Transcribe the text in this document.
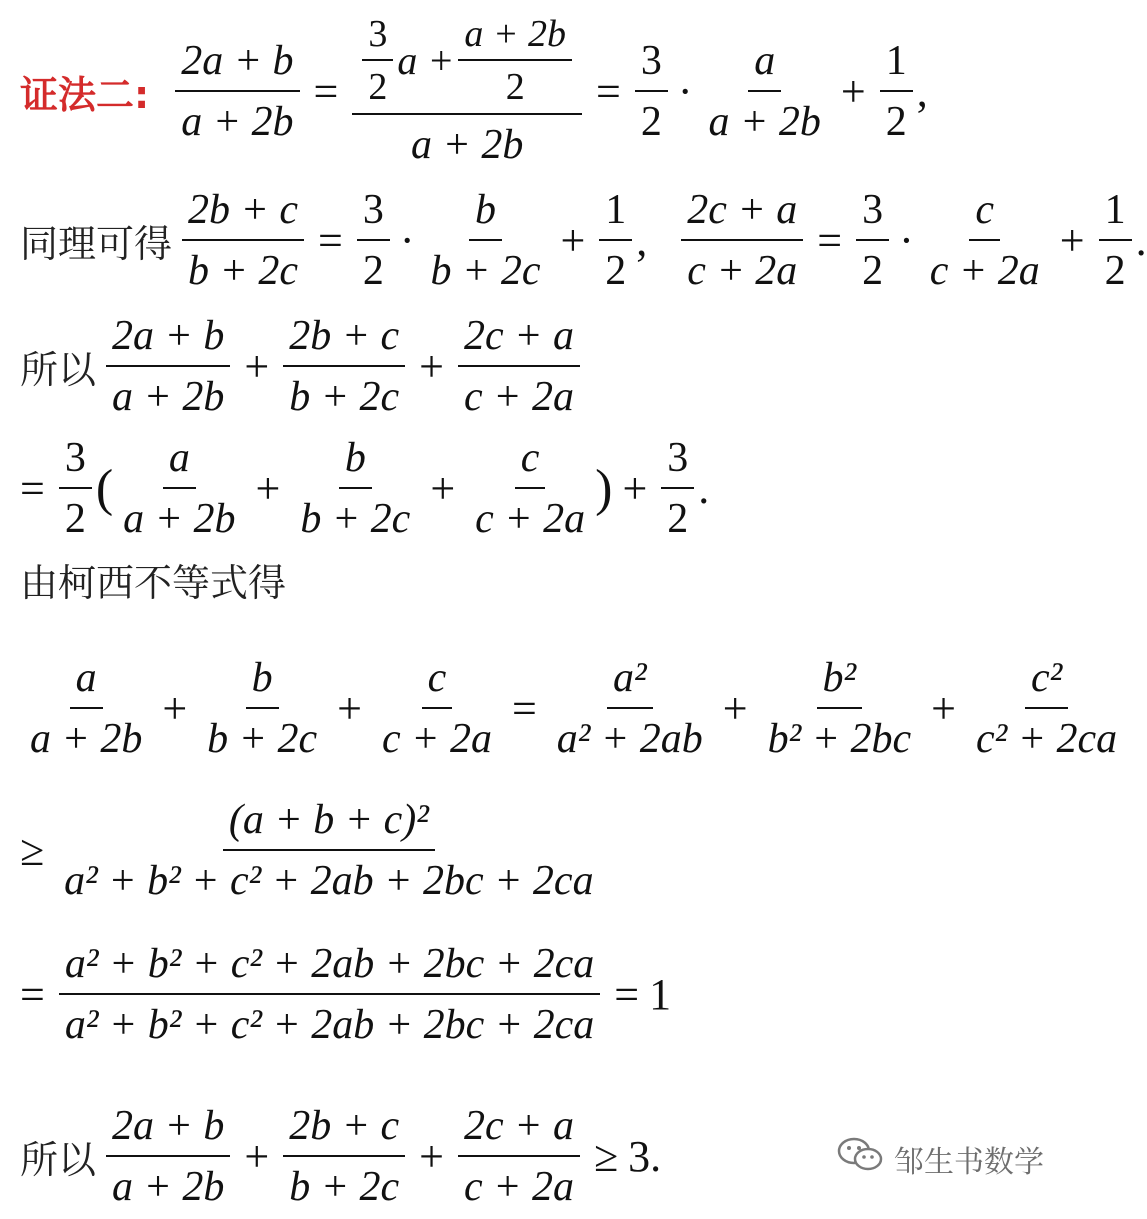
证法二: $\frac{2a + b}{a + 2b} = \frac{\frac{3}{2} a + \frac{a + 2b}{2}}{a + 2b} = \frac{3}{2} \cdot \frac{a}{a + 2b} + \frac{1}{2}$ ,
同理可得 $\frac{2b + c}{b + 2c} = \frac{3}{2} \cdot \frac{b}{b + 2c} + \frac{1}{2}$ , $\frac{2c + a}{c + 2a} = \frac{3}{2} \cdot \frac{c}{c + 2a} + \frac{1}{2}$ .
所以 $\frac{2a + b}{a + 2b} + \frac{2b + c}{b + 2c} + \frac{2c + a}{c + 2a}$
= $\frac{3}{2}$ ( $\frac{a}{a + 2b} + \frac{b}{b + 2c} + \frac{c}{c + 2a}$ ) + $\frac{3}{2}$ .
由柯西不等式得
$\frac{a}{a + 2b} + \frac{b}{b + 2c} + \frac{c}{c + 2a} = \frac{\text{a²}}{\text{a² + 2ab}} + \frac{\text{b²}}{\text{b² + 2bc}} + \frac{\text{c²}}{\text{c² + 2ca}}$
≥ $\frac{\text{(a + b + c)²}}{\text{a² + b² + c² + 2ab + 2bc + 2ca}}$
= $\frac{\text{a² + b² + c² + 2ab + 2bc + 2ca}}{\text{a² + b² + c² + 2ab + 2bc + 2ca}} = 1$
所以 $\frac{2a + b}{a + 2b} + \frac{2b + c}{b + 2c} + \frac{2c + a}{c + 2a} \ge 3$ .	邹生书数学
